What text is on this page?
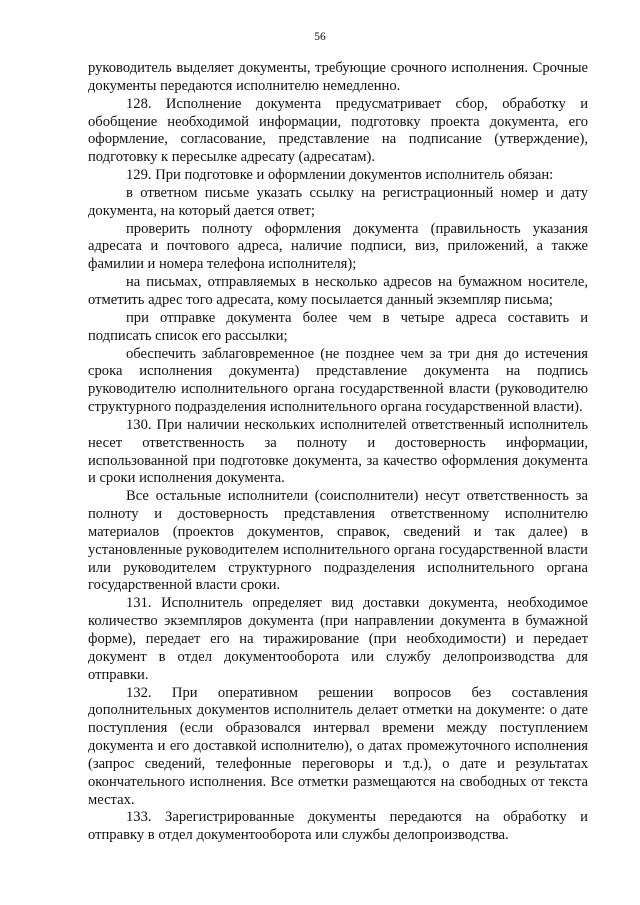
56

руководитель выделяет документы, требующие срочного исполнения. Срочные документы передаются исполнителю немедленно.

128. Исполнение документа предусматривает сбор, обработку и обобщение необходимой информации, подготовку проекта документа, его оформление, согласование, представление на подписание (утверждение), подготовку к пересылке адресату (адресатам).

129. При подготовке и оформлении документов исполнитель обязан:

в ответном письме указать ссылку на регистрационный номер и дату документа, на который дается ответ;

проверить полноту оформления документа (правильность указания адресата и почтового адреса, наличие подписи, виз, приложений, а также фамилии и номера телефона исполнителя);

на письмах, отправляемых в несколько адресов на бумажном носителе, отметить адрес того адресата, кому посылается данный экземпляр письма;

при отправке документа более чем в четыре адреса составить и подписать список его рассылки;

обеспечить заблаговременное (не позднее чем за три дня до истечения срока исполнения документа) представление документа на подпись руководителю исполнительного органа государственной власти (руководителю структурного подразделения исполнительного органа государственной власти).

130. При наличии нескольких исполнителей ответственный исполнитель несет ответственность за полноту и достоверность информации, использованной при подготовке документа, за качество оформления документа и сроки исполнения документа.

Все остальные исполнители (соисполнители) несут ответственность за полноту и достоверность представления ответственному исполнителю материалов (проектов документов, справок, сведений и так далее) в установленные руководителем исполнительного органа государственной власти или руководителем структурного подразделения исполнительного органа государственной власти сроки.

131. Исполнитель определяет вид доставки документа, необходимое количество экземпляров документа (при направлении документа в бумажной форме), передает его на тиражирование (при необходимости) и передает документ в отдел документооборота или службу делопроизводства для отправки.

132. При оперативном решении вопросов без составления дополнительных документов исполнитель делает отметки на документе: о дате поступления (если образовался интервал времени между поступлением документа и его доставкой исполнителю), о датах промежуточного исполнения (запрос сведений, телефонные переговоры и т.д.), о дате и результатах окончательного исполнения. Все отметки размещаются на свободных от текста местах.

133. Зарегистрированные документы передаются на обработку и отправку в отдел документооборота или службы делопроизводства.
